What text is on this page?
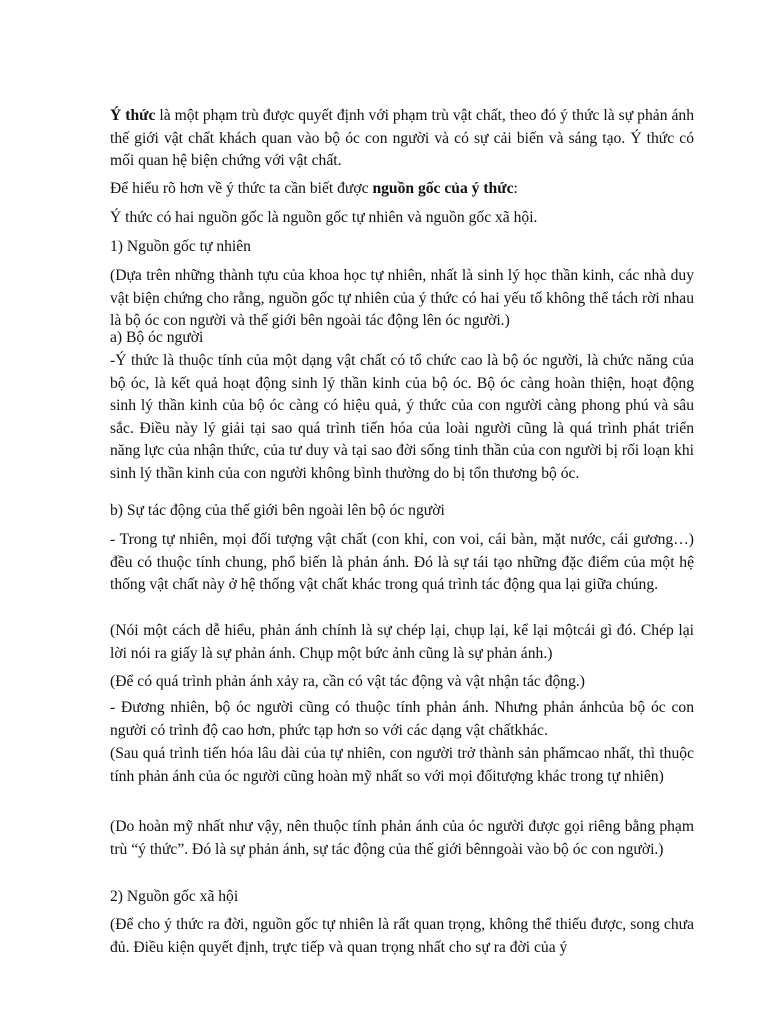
Ý thức là một phạm trù được quyết định với phạm trù vật chất, theo đó ý thức là sự phản ánh thế giới vật chất khách quan vào bộ óc con người và có sự cải biến và sáng tạo. Ý thức có mối quan hệ biện chứng với vật chất.

Để hiểu rõ hơn về ý thức ta cần biết được nguồn gốc của ý thức:

Ý thức có hai nguồn gốc là nguồn gốc tự nhiên và nguồn gốc xã hội.

1) Nguồn gốc tự nhiên

(Dựa trên những thành tựu của khoa học tự nhiên, nhất là sinh lý học thần kinh, các nhà duy vật biện chứng cho rằng, nguồn gốc tự nhiên của ý thức có hai yếu tố không thể tách rời nhau là bộ óc con người và thế giới bên ngoài tác động lên óc người.)

a) Bộ óc người

-Ý thức là thuộc tính của một dạng vật chất có tổ chức cao là bộ óc người, là chức năng của bộ óc, là kết quả hoạt động sinh lý thần kinh của bộ óc. Bộ óc càng hoàn thiện, hoạt động sinh lý thần kinh của bộ óc càng có hiệu quả, ý thức của con người càng phong phú và sâu sắc. Điều này lý giải tại sao quá trình tiến hóa của loài người cũng là quá trình phát triển năng lực của nhận thức, của tư duy và tại sao đời sống tinh thần của con người bị rối loạn khi sinh lý thần kinh của con người không bình thường do bị tổn thương bộ óc.

b) Sự tác động của thế giới bên ngoài lên bộ óc người

- Trong tự nhiên, mọi đối tượng vật chất (con khỉ, con voi, cái bàn, mặt nước, cái gương…) đều có thuộc tính chung, phổ biến là phản ánh. Đó là sự tái tạo những đặc điểm của một hệ thống vật chất này ở hệ thống vật chất khác trong quá trình tác động qua lại giữa chúng.

(Nói một cách dễ hiểu, phản ánh chính là sự chép lại, chụp lại, kể lại mộtcái gì đó. Chép lại lời nói ra giấy là sự phản ánh. Chụp một bức ảnh cũng là sự phản ánh.)

(Để có quá trình phản ánh xảy ra, cần có vật tác động và vật nhận tác động.)

- Đương nhiên, bộ óc người cũng có thuộc tính phản ánh. Nhưng phản ánhcủa bộ óc con người có trình độ cao hơn, phức tạp hơn so với các dạng vật chấtkhác.

(Sau quá trình tiến hóa lâu dài của tự nhiên, con người trở thành sản phẩmcao nhất, thì thuộc tính phản ánh của óc người cũng hoàn mỹ nhất so với mọi đốitượng khác trong tự nhiên)

(Do hoàn mỹ nhất như vậy, nên thuộc tính phản ánh của óc người được gọi riêng bằng phạm trù “ý thức”. Đó là sự phản ánh, sự tác động của thế giới bênngoài vào bộ óc con người.)

2) Nguồn gốc xã hội

(Để cho ý thức ra đời, nguồn gốc tự nhiên là rất quan trọng, không thể thiếu được, song chưa đủ. Điều kiện quyết định, trực tiếp và quan trọng nhất cho sự ra đời của ý
